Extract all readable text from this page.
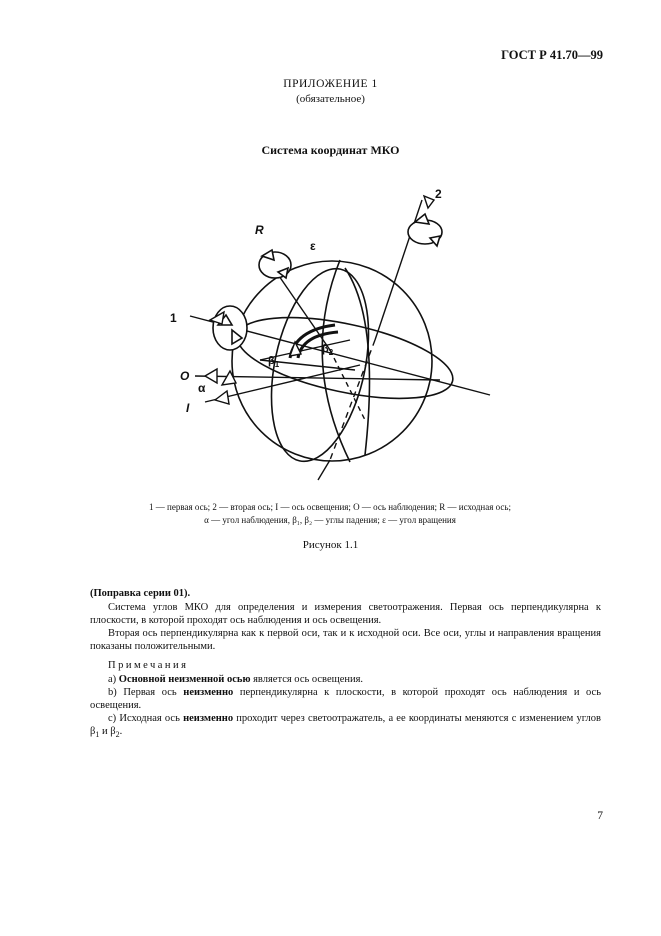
ГОСТ Р 41.70—99
ПРИЛОЖЕНИЕ 1
(обязательное)
Система координат МКО
2
R
ε
1
O
α
I
$\beta_1$
$\beta_2$
1 — первая ось; 2 — вторая ось; I — ось освещения; O — ось наблюдения; R — исходная ось;
α — угол наблюдения, β₁, β₂ — углы падения; ε — угол вращения
Рисунок 1.1
(Поправка серии 01).
Система углов МКО для определения и измерения светоотражения. Первая ось перпендикулярна к плоскости, в которой проходят ось наблюдения и ось освещения.
Вторая ось перпендикулярна как к первой оси, так и к исходной оси. Все оси, углы и направления вращения показаны положительными.
Примечания
a) Основной неизменной осью является ось освещения.
b) Первая ось неизменно перпендикулярна к плоскости, в которой проходят ось наблюдения и ось освещения.
c) Исходная ось неизменно проходит через светоотражатель, а ее координаты меняются с изменением углов $\beta_1$ и $\beta_2$.
7
